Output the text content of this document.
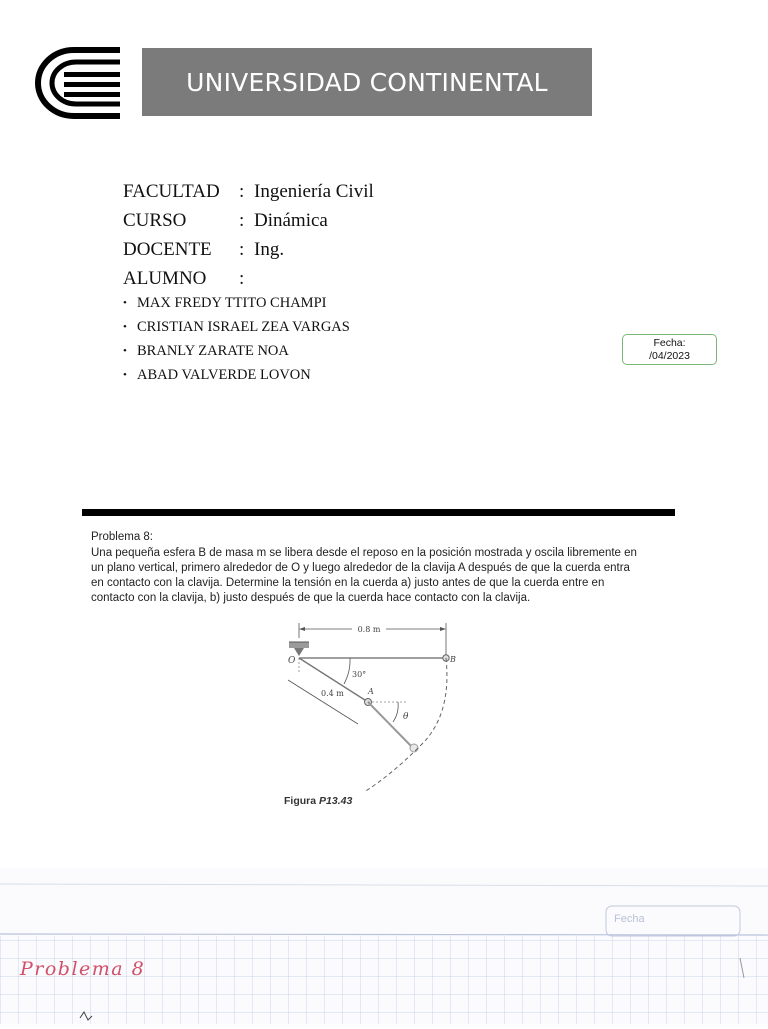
UNIVERSIDAD CONTINENTAL
FACULTAD	: Ingeniería Civil
CURSO	: Dinámica
DOCENTE	: Ing.
ALUMNO	:
• MAX FREDY TTITO CHAMPI
• CRISTIAN ISRAEL ZEA VARGAS
• BRANLY ZARATE NOA
• ABAD VALVERDE LOVON
Fecha:
/04/2023
Problema 8:
Una pequeña esfera B de masa m se libera desde el reposo en la posición mostrada y oscila libremente en
un plano vertical, primero alrededor de O y luego alrededor de la clavija A después de que la cuerda entra
en contacto con la clavija. Determine la tensión en la cuerda a) justo antes de que la cuerda entre en
contacto con la clavija, b) justo después de que la cuerda hace contacto con la clavija.
0.8 m
B
O
A
30°
0.4 m
θ
Figura P13.43
Fecha
Problema 8
